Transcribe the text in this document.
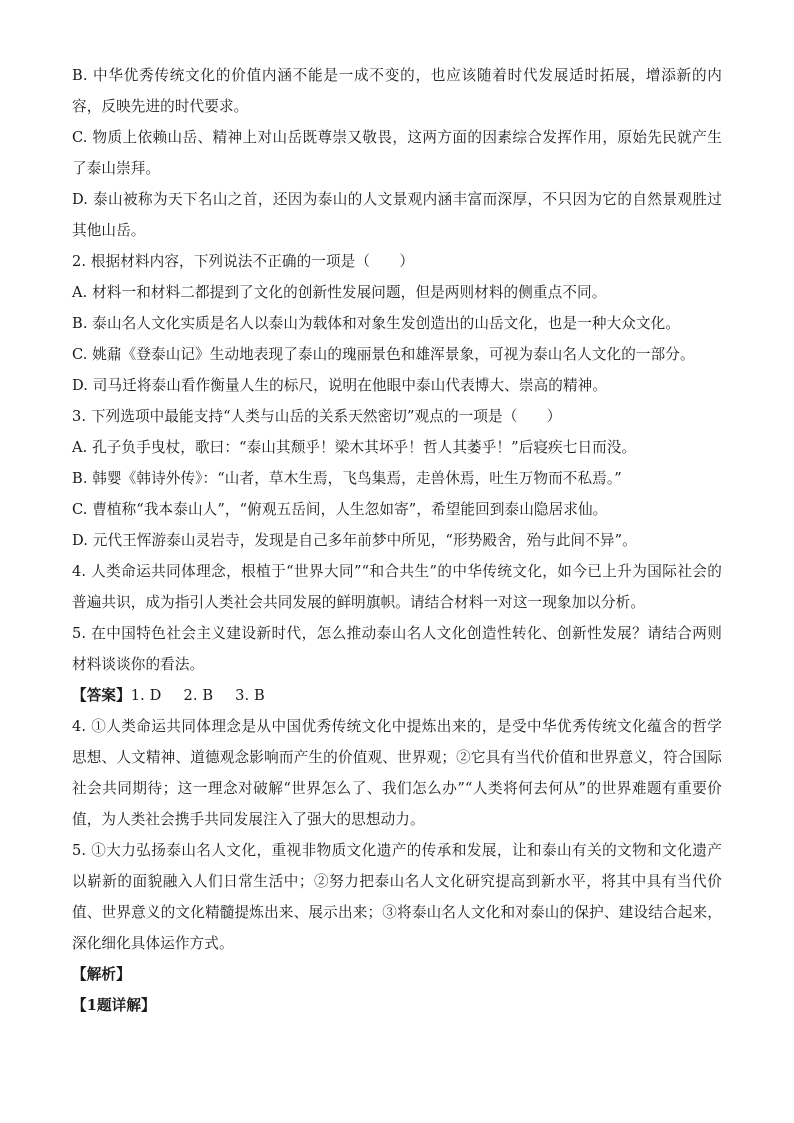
B. 中华优秀传统文化的价值内涵不能是一成不变的，也应该随着时代发展适时拓展，增添新的内容，反映先进的时代要求。

C. 物质上依赖山岳、精神上对山岳既尊崇又敬畏，这两方面的因素综合发挥作用，原始先民就产生了泰山崇拜。

D. 泰山被称为天下名山之首，还因为泰山的人文景观内涵丰富而深厚，不只因为它的自然景观胜过其他山岳。

2. 根据材料内容，下列说法不正确的一项是（　　）

A. 材料一和材料二都提到了文化的创新性发展问题，但是两则材料的侧重点不同。

B. 泰山名人文化实质是名人以泰山为载体和对象生发创造出的山岳文化，也是一种大众文化。

C. 姚鼐《登泰山记》生动地表现了泰山的瑰丽景色和雄浑景象，可视为泰山名人文化的一部分。

D. 司马迁将泰山看作衡量人生的标尺，说明在他眼中泰山代表博大、崇高的精神。

3. 下列选项中最能支持“人类与山岳的关系天然密切”观点的一项是（　　）

A. 孔子负手曳杖，歌曰：“泰山其颓乎！梁木其坏乎！哲人其萎乎！”后寝疾七日而没。

B. 韩婴《韩诗外传》：“山者，草木生焉，飞鸟集焉，走兽休焉，吐生万物而不私焉。”

C. 曹植称“我本泰山人”，“俯观五岳间，人生忽如寄”，希望能回到泰山隐居求仙。

D. 元代王恽游泰山灵岩寺，发现是自己多年前梦中所见，“形势殿舍，殆与此间不异”。

4. 人类命运共同体理念，根植于“世界大同”“和合共生”的中华传统文化，如今已上升为国际社会的普遍共识，成为指引人类社会共同发展的鲜明旗帜。请结合材料一对这一现象加以分析。

5. 在中国特色社会主义建设新时代，怎么推动泰山名人文化创造性转化、创新性发展？请结合两则材料谈谈你的看法。

【答案】1. D 2. B 3. B

4. ①人类命运共同体理念是从中国优秀传统文化中提炼出来的，是受中华优秀传统文化蕴含的哲学思想、人文精神、道德观念影响而产生的价值观、世界观；②它具有当代价值和世界意义，符合国际社会共同期待；这一理念对破解“世界怎么了、我们怎么办”“人类将何去何从”的世界难题有重要价值，为人类社会携手共同发展注入了强大的思想动力。

5. ①大力弘扬泰山名人文化，重视非物质文化遗产的传承和发展，让和泰山有关的文物和文化遗产以崭新的面貌融入人们日常生活中；②努力把泰山名人文化研究提高到新水平，将其中具有当代价值、世界意义的文化精髓提炼出来、展示出来；③将泰山名人文化和对泰山的保护、建设结合起来，深化细化具体运作方式。

【解析】

【1题详解】
